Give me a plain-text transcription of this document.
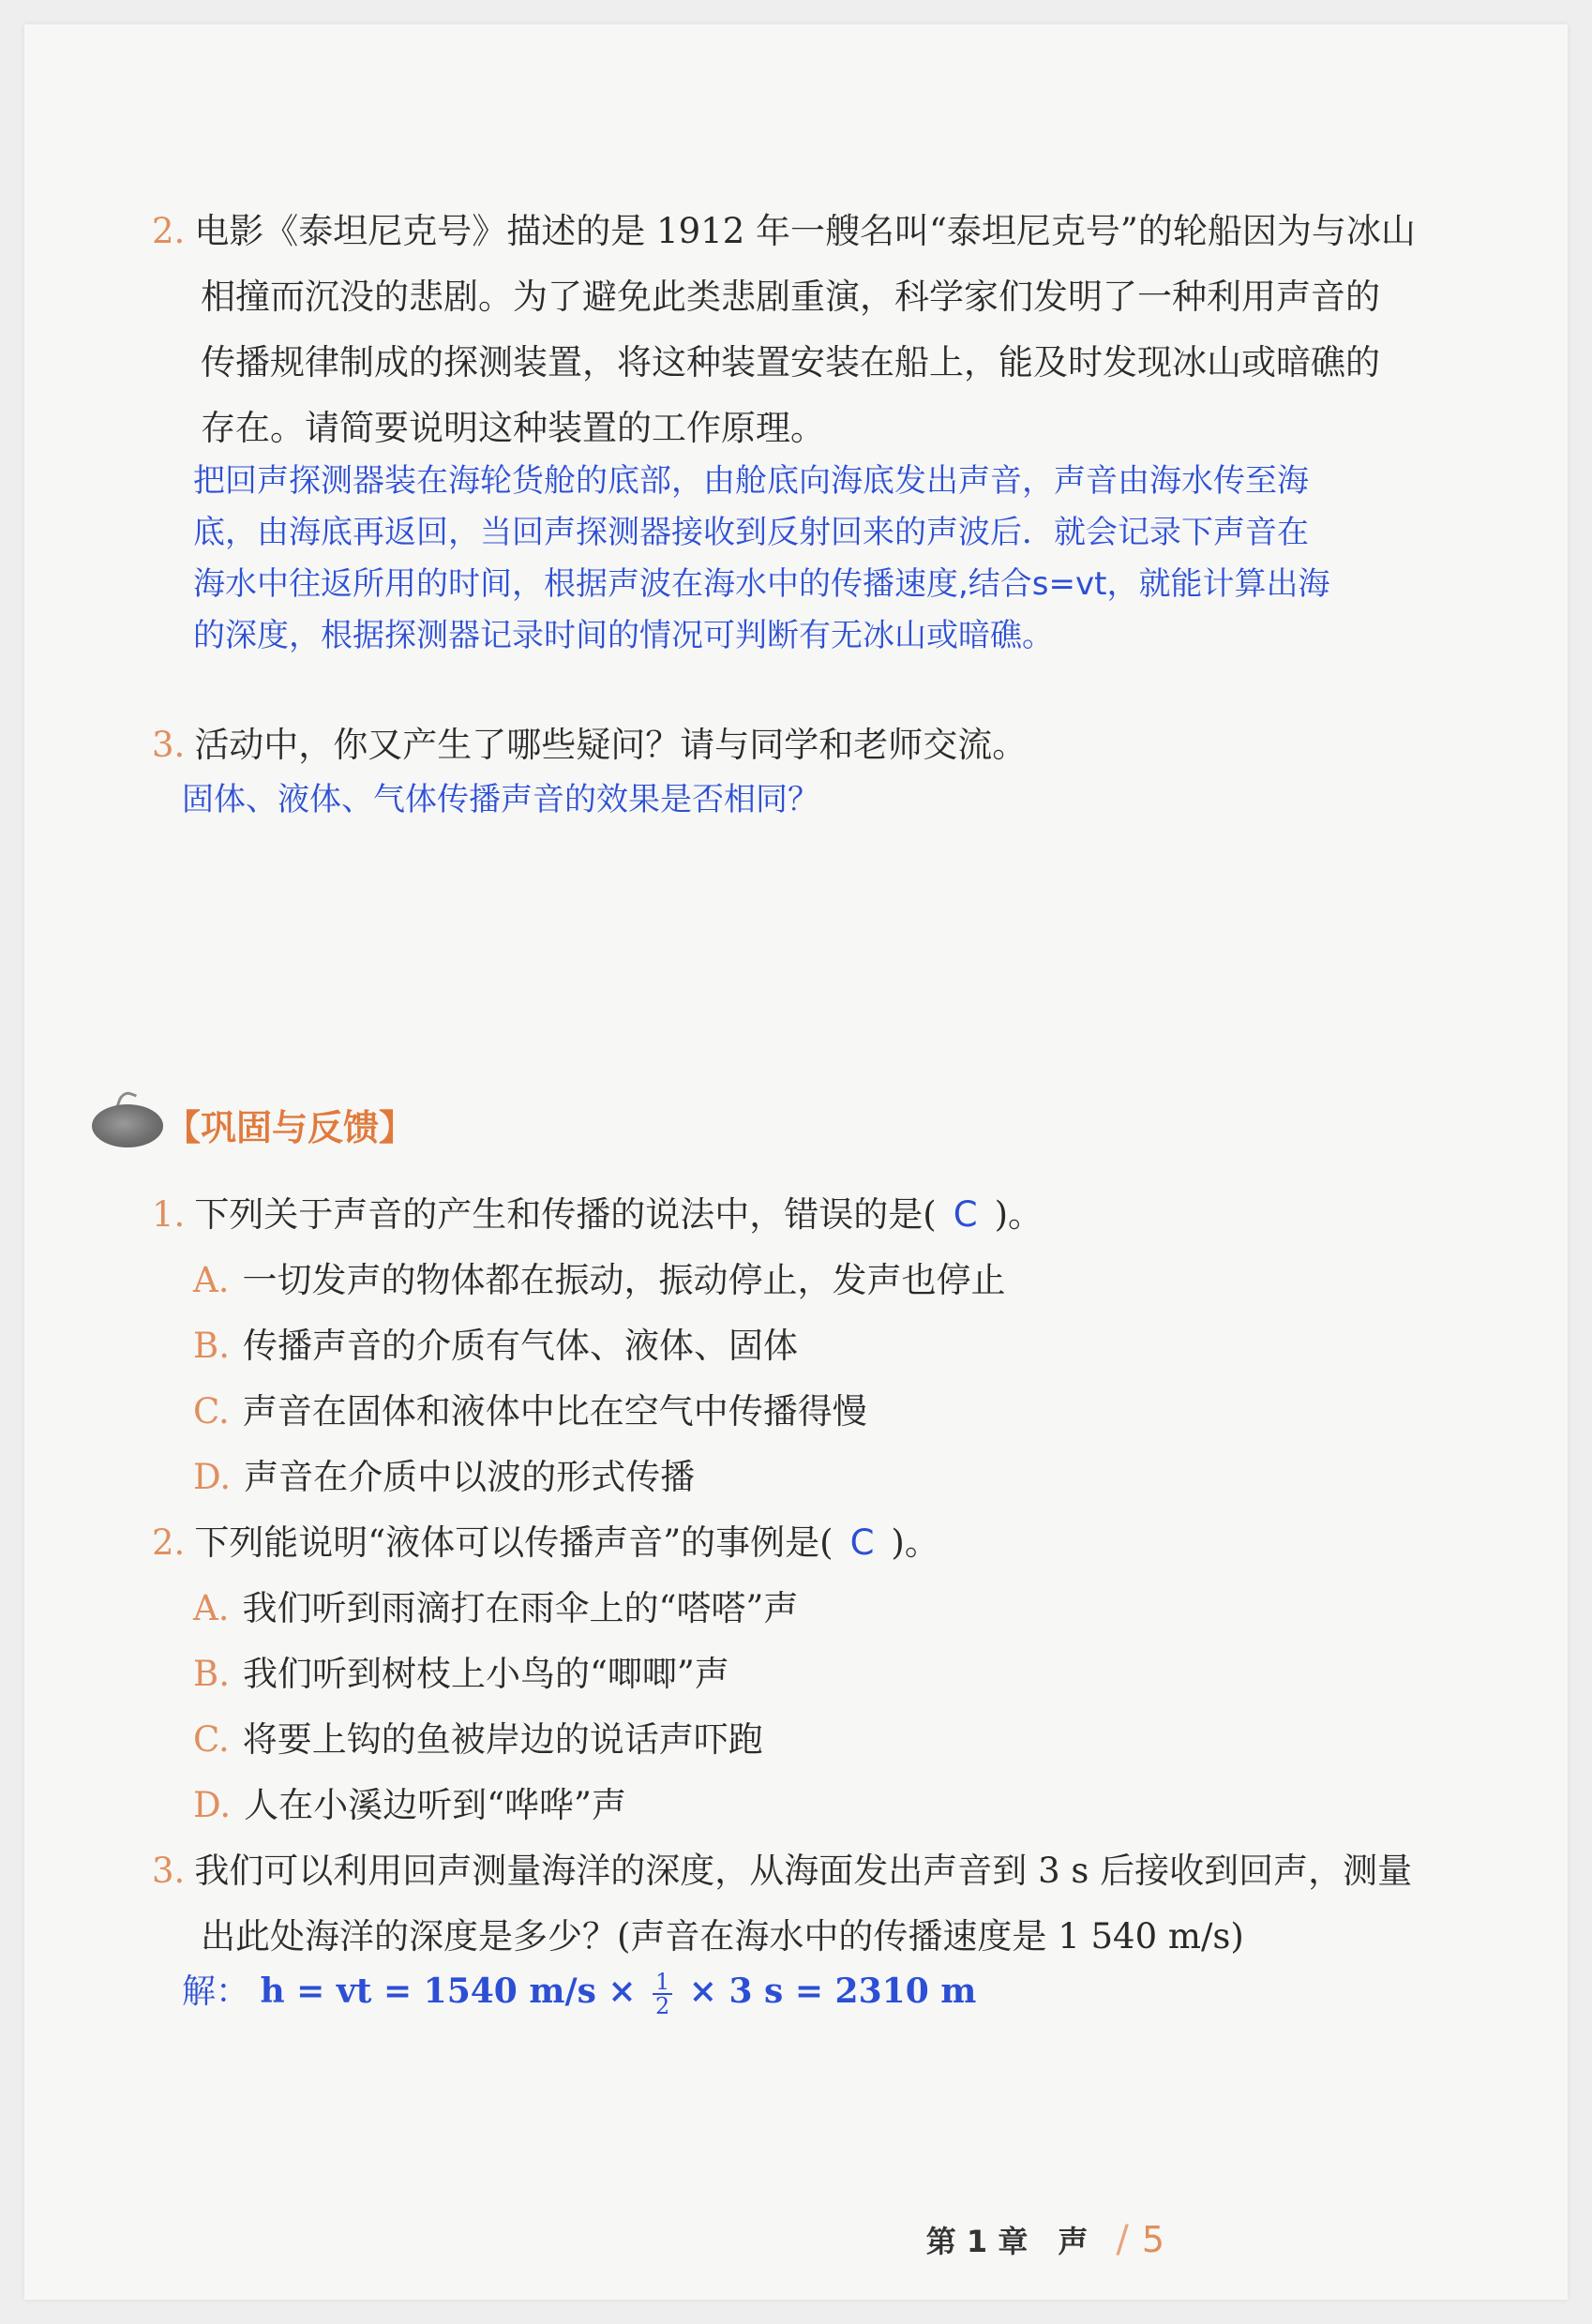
2. 电影《泰坦尼克号》描述的是 1912 年一艘名叫“泰坦尼克号”的轮船因为与冰山
相撞而沉没的悲剧。为了避免此类悲剧重演，科学家们发明了一种利用声音的
传播规律制成的探测装置，将这种装置安装在船上，能及时发现冰山或暗礁的
存在。请简要说明这种装置的工作原理。
把回声探测器装在海轮货舱的底部，由舱底向海底发出声音，声音由海水传至海
底，由海底再返回，当回声探测器接收到反射回来的声波后．就会记录下声音在
海水中往返所用的时间，根据声波在海水中的传播速度,结合s=vt，就能计算出海
的深度，根据探测器记录时间的情况可判断有无冰山或暗礁。
3. 活动中，你又产生了哪些疑问？请与同学和老师交流。
固体、液体、气体传播声音的效果是否相同？
【巩固与反馈】
1. 下列关于声音的产生和传播的说法中，错误的是( C )。
A. 一切发声的物体都在振动，振动停止，发声也停止
B. 传播声音的介质有气体、液体、固体
C. 声音在固体和液体中比在空气中传播得慢
D. 声音在介质中以波的形式传播
2. 下列能说明“液体可以传播声音”的事例是( C )。
A. 我们听到雨滴打在雨伞上的“嗒嗒”声
B. 我们听到树枝上小鸟的“唧唧”声
C. 将要上钩的鱼被岸边的说话声吓跑
D. 人在小溪边听到“哗哗”声
3. 我们可以利用回声测量海洋的深度，从海面发出声音到 3 s 后接收到回声，测量
出此处海洋的深度是多少？(声音在海水中的传播速度是 1 540 m/s)
解： h = vt = 1540 $m/s \times \frac{1}{2} \times 3$ s = 2310 m
第 1 章　声 / 5
